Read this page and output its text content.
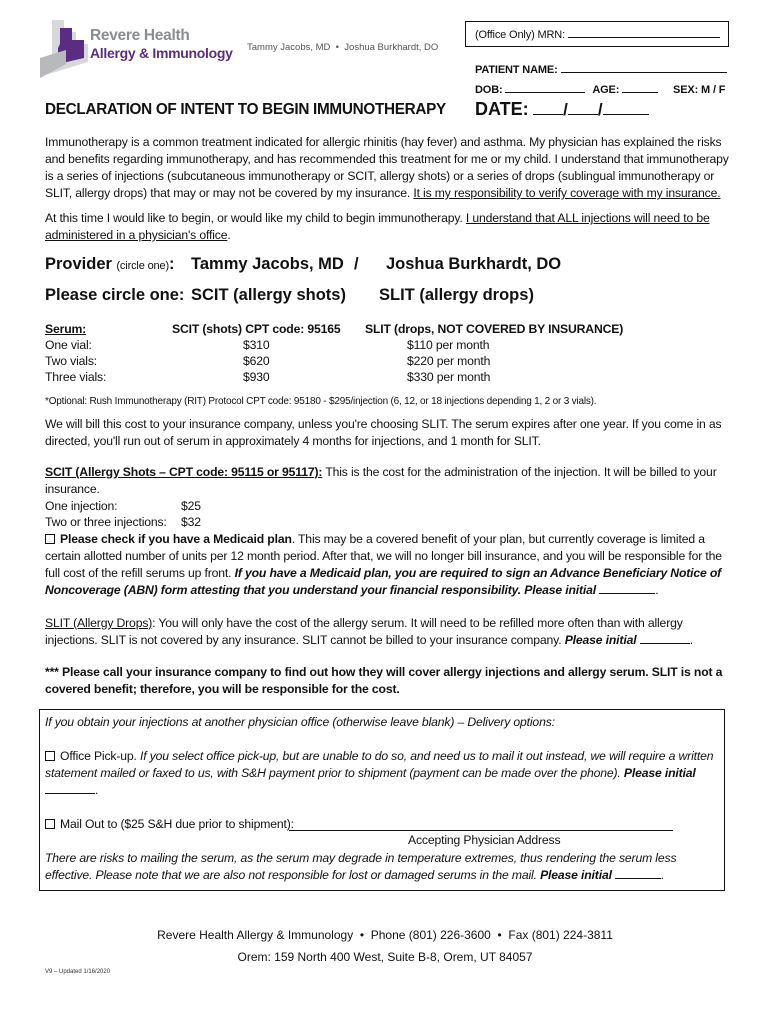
Revere Health
Allergy & Immunology Tammy Jacobs, MD  •  Joshua Burkhardt, DO
(Office Only) MRN:
PATIENT NAME:
DOB:	AGE:	SEX: M / F
DECLARATION OF INTENT TO BEGIN IMMUNOTHERAPY DATE: / /
Immunotherapy is a common treatment indicated for allergic rhinitis (hay fever) and asthma. My physician has explained the risks and benefits regarding immunotherapy, and has recommended this treatment for me or my child. I understand that immunotherapy is a series of injections (subcutaneous immunotherapy or SCIT, allergy shots) or a series of drops (sublingual immunotherapy or SLIT, allergy drops) that may or may not be covered by my insurance. It is my responsibility to verify coverage with my insurance.
At this time I would like to begin, or would like my child to begin immunotherapy. I understand that ALL injections will need to be administered in a physician's office.
Provider (circle one): Tammy Jacobs, MD / Joshua Burkhardt, DO
Please circle one: SCIT (allergy shots) SLIT (allergy drops)
Serum:	SCIT (shots) CPT code: 95165 SLIT (drops, NOT COVERED BY INSURANCE)
One vial:	$310	$110 per month
Two vials:	$620	$220 per month
Three vials:	$930	$330 per month
*Optional: Rush Immunotherapy (RIT) Protocol CPT code: 95180 - $295/injection (6, 12, or 18 injections depending 1, 2 or 3 vials).
We will bill this cost to your insurance company, unless you're choosing SLIT. The serum expires after one year. If you come in as directed, you'll run out of serum in approximately 4 months for injections, and 1 month for SLIT.
SCIT (Allergy Shots – CPT code: 95115 or 95117): This is the cost for the administration of the injection. It will be billed to your insurance.
One injection:	$25
Two or three injections: $32
Please check if you have a Medicaid plan. This may be a covered benefit of your plan, but currently coverage is limited a certain allotted number of units per 12 month period. After that, we will no longer bill insurance, and you will be responsible for the full cost of the refill serums up front. If you have a Medicaid plan, you are required to sign an Advance Beneficiary Notice of Noncoverage (ABN) form attesting that you understand your financial responsibility. Please initial	.
SLIT (Allergy Drops): You will only have the cost of the allergy serum. It will need to be refilled more often than with allergy injections. SLIT is not covered by any insurance. SLIT cannot be billed to your insurance company. Please initial	.
*** Please call your insurance company to find out how they will cover allergy injections and allergy serum. SLIT is not a covered benefit; therefore, you will be responsible for the cost.
If you obtain your injections at another physician office (otherwise leave blank) – Delivery options:
Office Pick-up. If you select office pick-up, but are unable to do so, and need us to mail it out instead, we will require a written statement mailed or faxed to us, with S&H payment prior to shipment (payment can be made over the phone). Please initial
.
Mail Out to ($25 S&H due prior to shipment):
Accepting Physician Address
There are risks to mailing the serum, as the serum may degrade in temperature extremes, thus rendering the serum less effective. Please note that we are also not responsible for lost or damaged serums in the mail. Please initial	.
Revere Health Allergy & Immunology  •  Phone (801) 226-3600  •  Fax (801) 224-3811
Orem: 159 North 400 West, Suite B-8, Orem, UT 84057
V9 – Updated 1/16/2020
